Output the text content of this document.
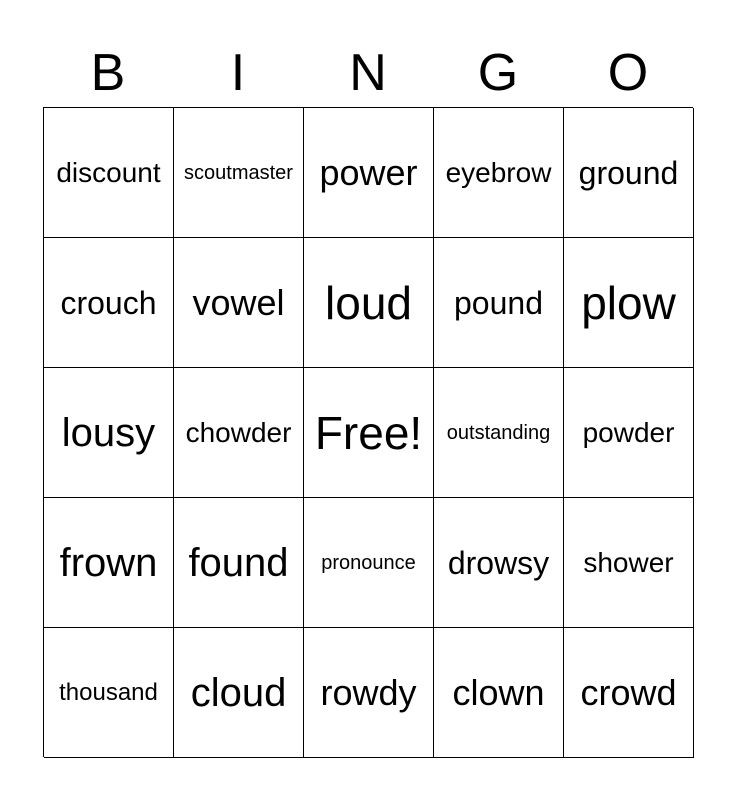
B	I	N	G	O
discount	scoutmaster power	eyebrow ground
crouch vowel loud	pound plow
lousy	chowder Free!	outstanding	powder
frown found	pronounce	drowsy	shower
thousand cloud rowdy clown crowd
